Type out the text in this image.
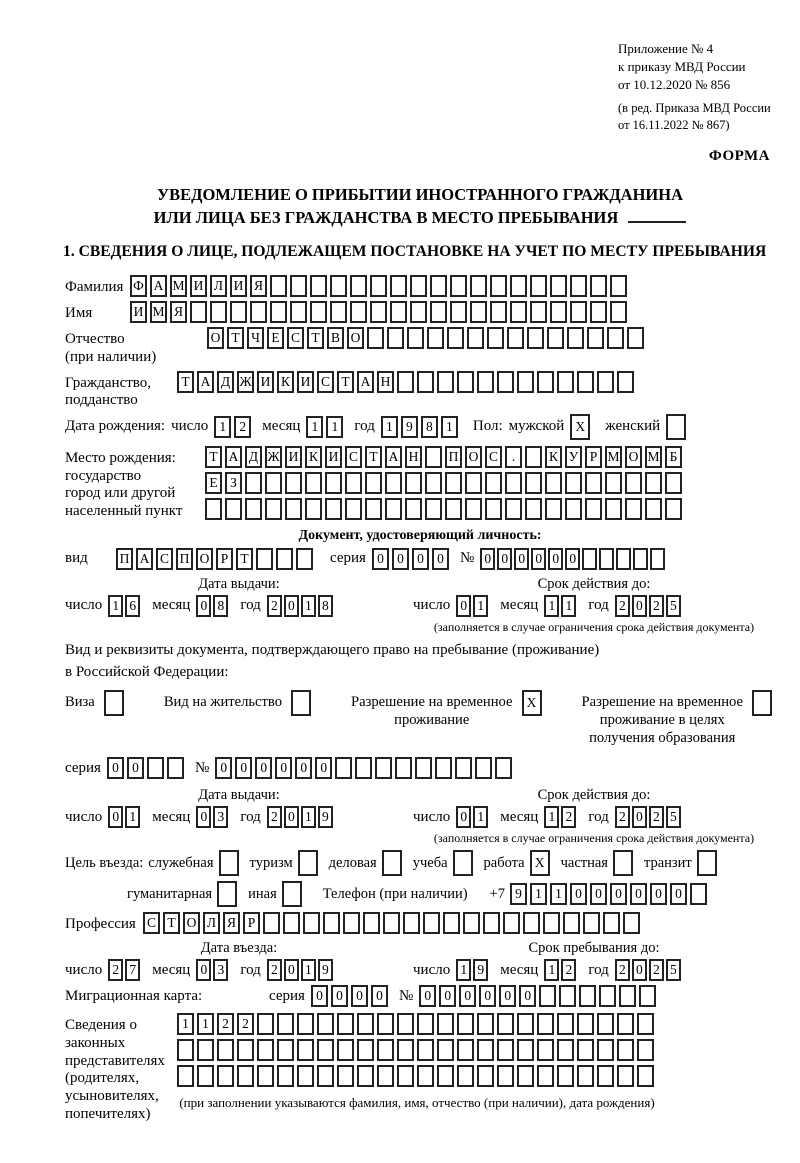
Приложение № 4
к приказу МВД России
от 10.12.2020 № 856
(в ред. Приказа МВД России
от 16.11.2022 № 867)
ФОРМА
УВЕДОМЛЕНИЕ О ПРИБЫТИИ ИНОСТРАННОГО ГРАЖДАНИНА
ИЛИ ЛИЦА БЕЗ ГРАЖДАНСТВА В МЕСТО ПРЕБЫВАНИЯ
1. СВЕДЕНИЯ О ЛИЦЕ, ПОДЛЕЖАЩЕМ ПОСТАНОВКЕ НА УЧЕТ ПО МЕСТУ ПРЕБЫВАНИЯ
Фамилия Ф А М И Л И Я
Имя	И М Я
Отчество
(при наличии)
О Т Ч Е С Т В О
Гражданство,
подданство
Т А Д Ж И К И С Т А Н
Дата рождения: число 1 2	месяц 1 1	год 1 9 8 1	Пол: мужской X	женский
Место рождения:
государство
город или другой
населенный пункт
Т А Д Ж И К И С Т А Н П О С	.	К У Р М О М Б
Е З
Документ, удостоверяющий личность:
вид	П А С П О Р Т	серия 0 0 0 0	№ 0 0 0 0 0 0
Дата выдачи:
число 1 6 месяц 0 8 год 2 0 1 8
Срок действия до:
число 0 1 месяц 1 1 год 2 0 2 5
(заполняется в случае ограничения срока действия документа)
Вид и реквизиты документа, подтверждающего право на пребывание (проживание)
в Российской Федерации:
Виза	Вид на жительство	Разрешение на временное
проживание
X	Разрешение на временное
проживание в целях
получения образования
серия 0 0	№ 0 0 0 0 0 0
Дата выдачи:
число 0 1 месяц 0 3 год 2 0 1 9
Срок действия до:
число 0 1 месяц 1 2 год 2 0 2 5
(заполняется в случае ограничения срока действия документа)
Цель въезда: служебная туризм деловая учеба работа X	частная транзит
гуманитарная иная	Телефон (при наличии) +7 9 1 1 0 0 0 0 0 0
Профессия С Т О Л Я Р
Дата въезда:
число 2 7 месяц 0 3 год 2 0 1 9
Срок пребывания до:
число 1 9 месяц 1 2 год 2 0 2 5
Миграционная карта:	серия 0 0 0 0	№ 0 0 0 0 0 0
Сведения о
законных
представителях
(родителях,
усыновителях,
попечителях)
1 1 2 2
(при заполнении указываются фамилия, имя, отчество (при наличии), дата рождения)
